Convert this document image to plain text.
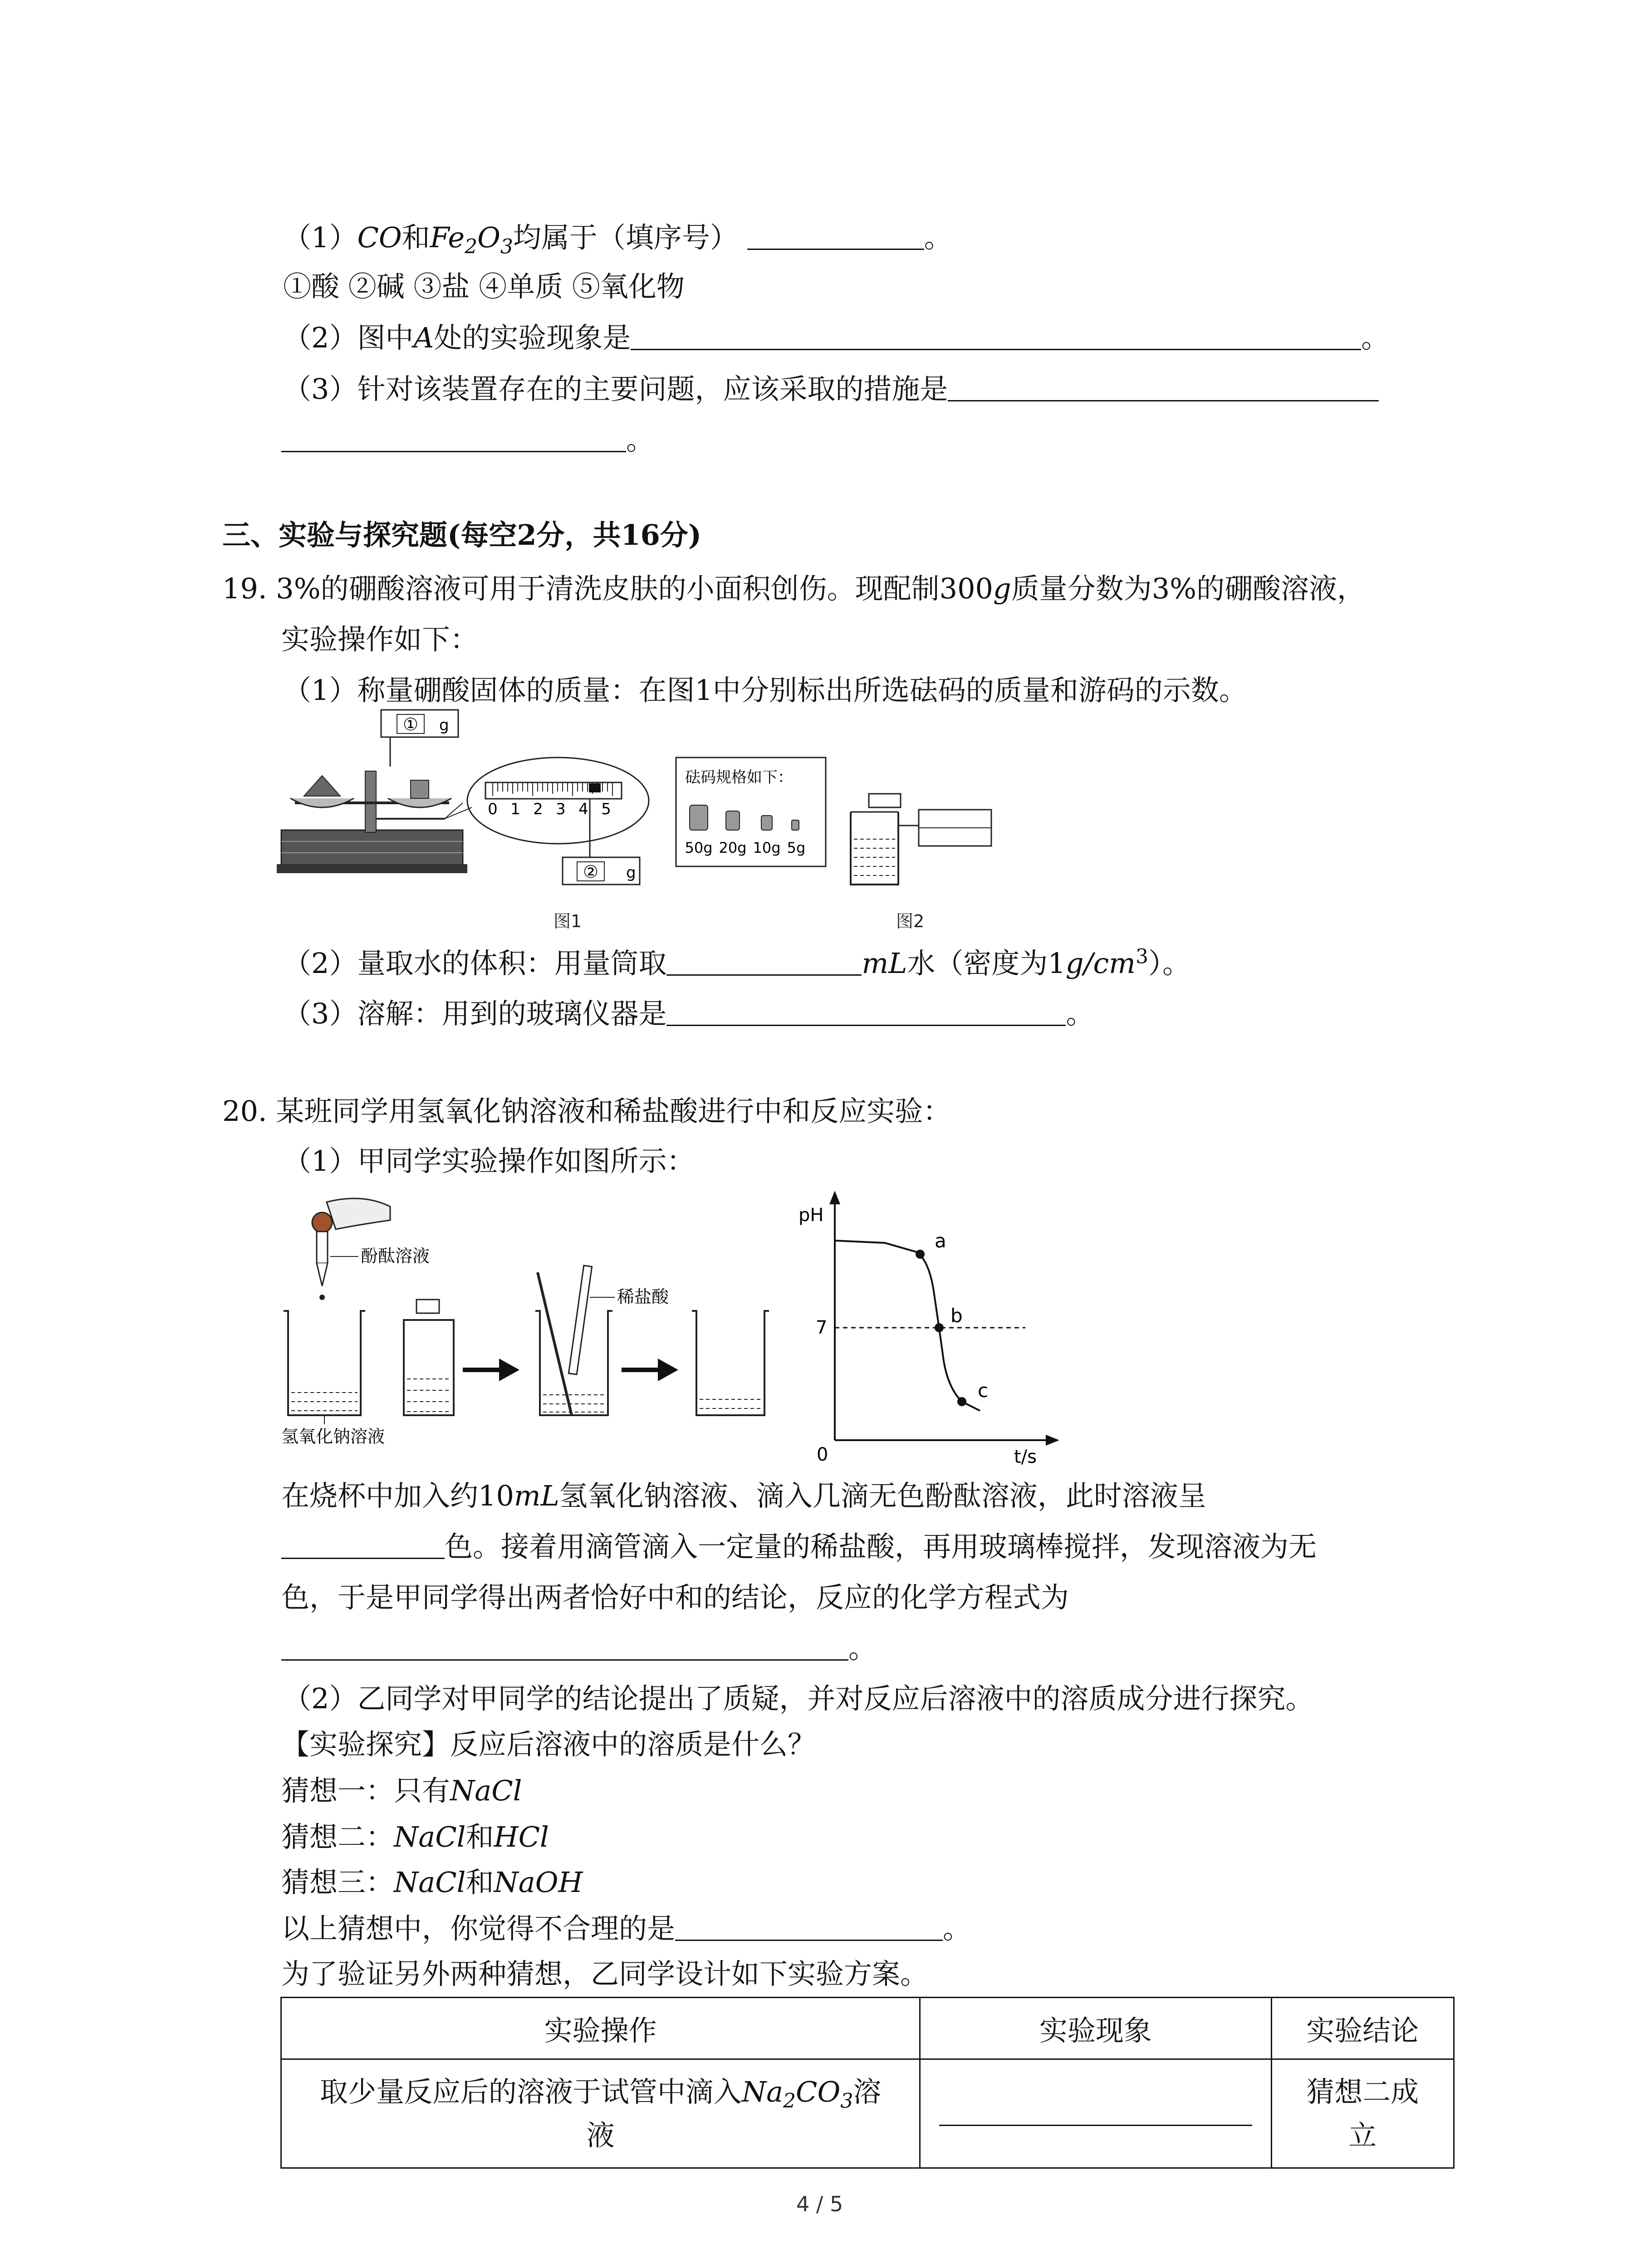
（1）CO和$Fe_2O_3$均属于（填序号）	。
①酸 ②碱 ③盐 ④单质 ⑤氧化物
（2）图中A处的实验现象是	。
（3）针对该装置存在的主要问题，应该采取的措施是
。
三、实验与探究题(每空2分，共16分)
19. 3%的硼酸溶液可用于清洗皮肤的小面积创伤。现配制300g质量分数为3%的硼酸溶液，
实验操作如下：
（1）称量硼酸固体的质量：在图1中分别标出所选砝码的质量和游码的示数。
0 1 2 3 4 5
② g
① g
砝码规格如下：
50g 20g 10g 5g
图1	图2
（2）量取水的体积：用量筒取	mL水（密度为$1g/cm^3$）。
（3）溶解：用到的玻璃仪器是	。
20. 某班同学用氢氧化钠溶液和稀盐酸进行中和反应实验：
（1）甲同学实验操作如图所示：
酚酞溶液
氢氧化钠溶液
稀盐酸
pH
7
0	t/s
a
b
c
在烧杯中加入约10mL氢氧化钠溶液、滴入几滴无色酚酞溶液，此时溶液呈
色。接着用滴管滴入一定量的稀盐酸，再用玻璃棒搅拌，发现溶液为无
色，于是甲同学得出两者恰好中和的结论，反应的化学方程式为
。
（2）乙同学对甲同学的结论提出了质疑，并对反应后溶液中的溶质成分进行探究。
【实验探究】反应后溶液中的溶质是什么？
猜想一：只有NaCl
猜想二：NaCl和HCl
猜想三：NaCl和NaOH
以上猜想中，你觉得不合理的是	。
为了验证另外两种猜想，乙同学设计如下实验方案。
实验操作	实验现象	实验结论
取少量反应后的溶液于试管中滴入$Na_2CO_3$溶
液		猜想二成
立
4 / 5
